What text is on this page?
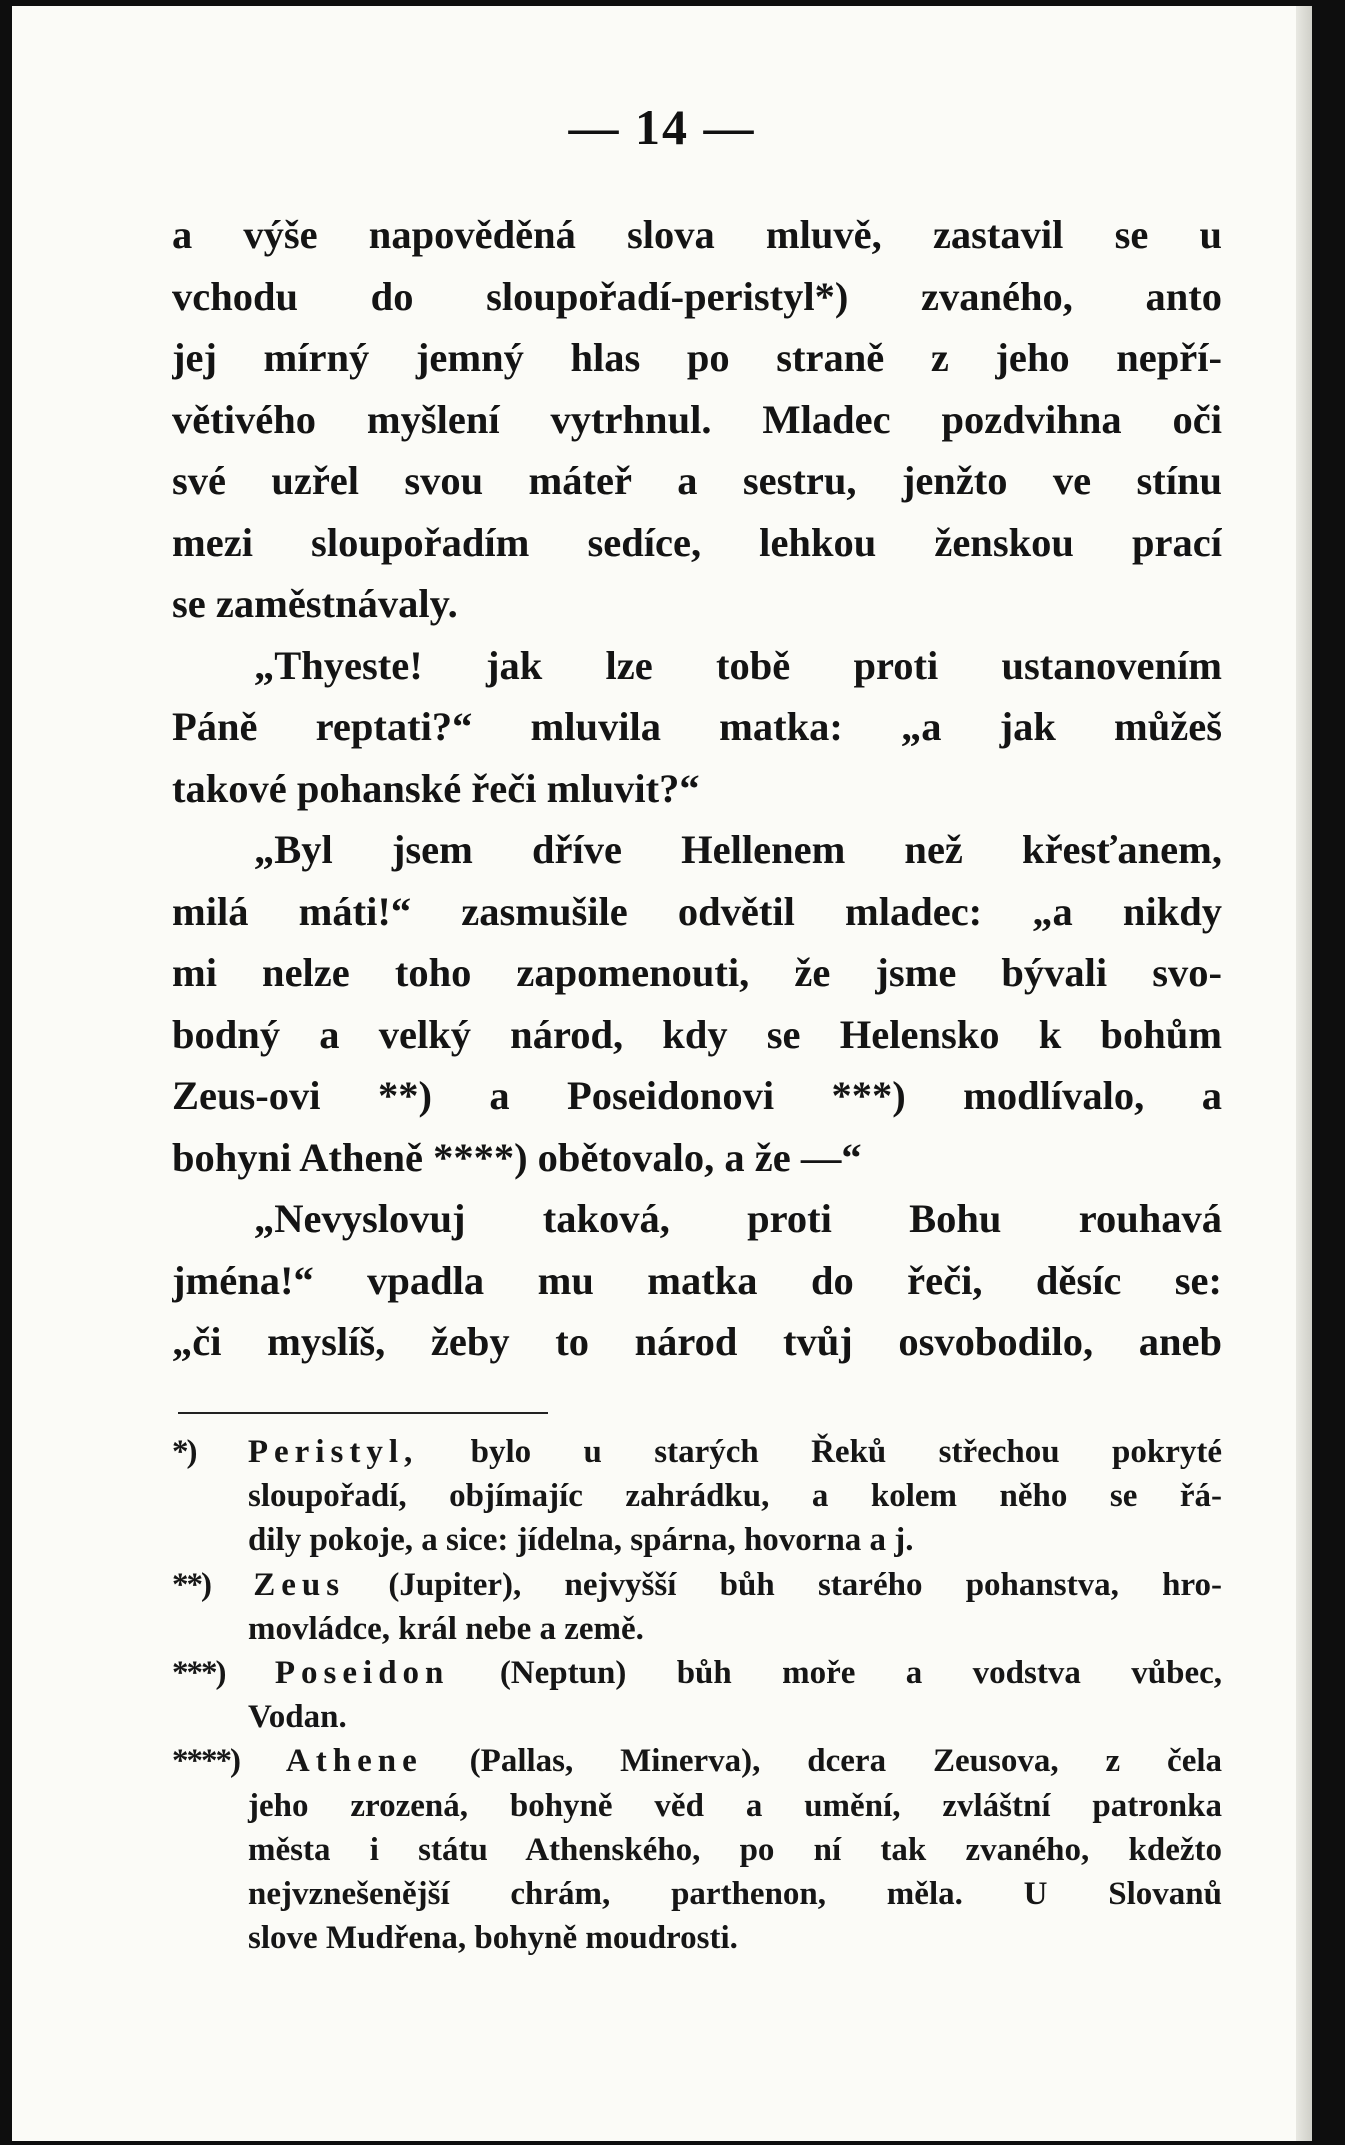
— 14 —
a výše napověděná slova mluvě, zastavil se u
vchodu do sloupořadí-peristyl*) zvaného, anto
jej mírný jemný hlas po straně z jeho nepří-
větivého myšlení vytrhnul. Mladec pozdvihna oči
své uzřel svou máteř a sestru, jenžto ve stínu
mezi sloupořadím sedíce, lehkou ženskou prací
se zaměstnávaly.
„Thyeste! jak lze tobě proti ustanovením
Páně reptati?“ mluvila matka: „a jak můžeš
takové pohanské řeči mluvit?“
„Byl jsem dříve Hellenem než křesťanem,
milá máti!“ zasmušile odvětil mladec: „a nikdy
mi nelze toho zapomenouti, že jsme bývali svo-
bodný a velký národ, kdy se Helensko k bohům
Zeus-ovi **) a Poseidonovi ***) modlívalo, a
bohyni Atheně ****) obětovalo, a že —“
„Nevyslovuj taková, proti Bohu rouhavá
jména!“ vpadla mu matka do řeči, děsíc se:
„či myslíš, žeby to národ tvůj osvobodilo, aneb
*) Peristyl, bylo u starých Řeků střechou pokryté
sloupořadí, objímajíc zahrádku, a kolem něho se řá-
dily pokoje, a sice: jídelna, spárna, hovorna a j.
**) Zeus (Jupiter), nejvyšší bůh starého pohanstva, hro-
movládce, král nebe a země.
***) Poseidon (Neptun) bůh moře a vodstva vůbec,
Vodan.
****) Athene (Pallas, Minerva), dcera Zeusova, z čela
jeho zrozená, bohyně věd a umění, zvláštní patronka
města i státu Athenského, po ní tak zvaného, kdežto
nejvznešenější chrám, parthenon, měla. U Slovanů
slove Mudřena, bohyně moudrosti.
